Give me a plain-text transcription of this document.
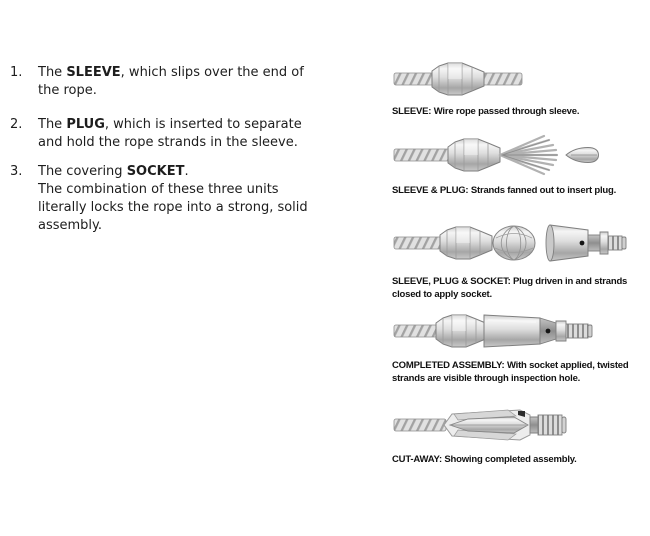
1.	The SLEEVE, which slips over the end of the rope.
2.	The PLUG, which is inserted to separate and hold the rope strands in the sleeve.
3.	The covering SOCKET.
The combination of these three units literally locks the rope into a strong, solid assembly.

SLEEVE: Wire rope passed through sleeve.

SLEEVE & PLUG: Strands fanned out to insert plug.

SLEEVE, PLUG & SOCKET: Plug driven in and strands closed to apply socket.

COMPLETED ASSEMBLY: With socket applied, twisted strands are visible through inspection hole.

CUT-AWAY: Showing completed assembly.
